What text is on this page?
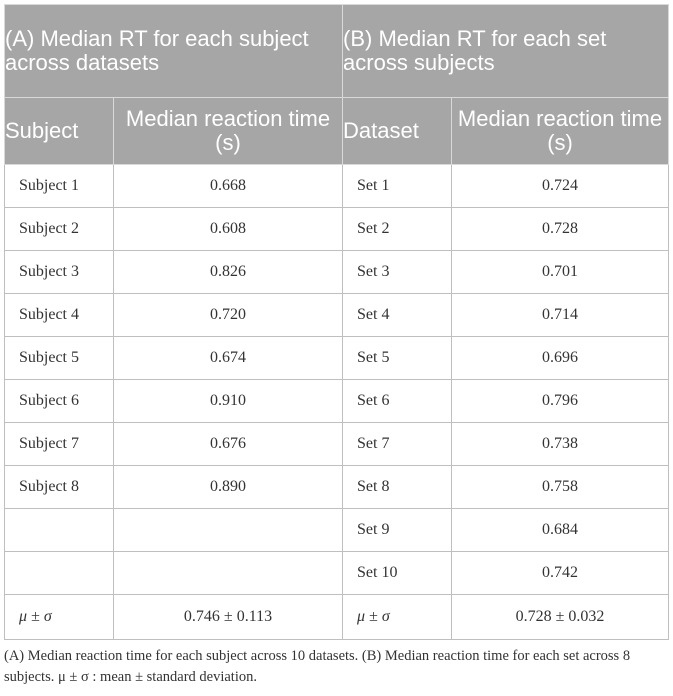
(A) Median RT for each subject across datasets		(B) Median RT for each set across subjects	
Subject	Median reaction time (s)	Dataset	Median reaction time (s)
Subject 1	0.668	Set 1	0.724
Subject 2	0.608	Set 2	0.728
Subject 3	0.826	Set 3	0.701
Subject 4	0.720	Set 4	0.714
Subject 5	0.674	Set 5	0.696
Subject 6	0.910	Set 6	0.796
Subject 7	0.676	Set 7	0.738
Subject 8	0.890	Set 8	0.758
		Set 9	0.684
		Set 10	0.742
μ ± σ	0.746 ± 0.113	μ ± σ	0.728 ± 0.032
(A) Median reaction time for each subject across 10 datasets. (B) Median reaction time for each set across 8 subjects. μ ± σ : mean ± standard deviation.
